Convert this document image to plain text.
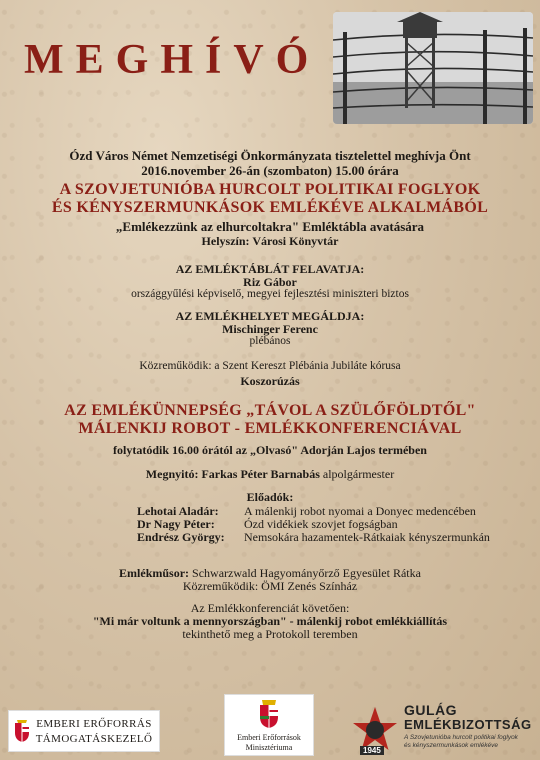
MEGHÍVÓ
Ózd Város Német Nemzetiségi Önkormányzata tisztelettel meghívja Önt
2016.november 26-án (szombaton) 15.00 órára
A SZOVJETUNIÓBA HURCOLT POLITIKAI FOGLYOK
ÉS KÉNYSZERMUNKÁSOK EMLÉKÉVE ALKALMÁBÓL
„Emlékezzünk az elhurcoltakra" Emléktábla avatására
Helyszín: Városi Könyvtár
AZ EMLÉKTÁBLÁT FELAVATJA:
Riz Gábor
országgyűlési képviselő, megyei fejlesztési miniszteri biztos
AZ EMLÉKHELYET MEGÁLDJA:
Mischinger Ferenc
plébános
Közreműködik: a Szent Kereszt Plébánia Jubiláte kórusa
Koszorúzás
AZ EMLÉKÜNNEPSÉG „TÁVOL A SZÜLŐFÖLDTŐL"
MÁLENKIJ ROBOT - EMLÉKKONFERENCIÁVAL
folytatódik 16.00 órától az „Olvasó" Adorján Lajos termében
Megnyitó: Farkas Péter Barnabás alpolgármester
Előadók:
Lehotai Aladár: A málenkij robot nyomai a Donyec medencében
Dr Nagy Péter: Ózd vidékiek szovjet fogságban
Endrész György: Nemsokára hazamentek-Rátkaiak kényszermunkán
Emlékműsor: Schwarzwald Hagyományőrző Egyesület Rátka
Közreműködik: ÖMI Zenés Színház
Az Emlékkonferenciát követően:
"Mi már voltunk a mennyországban" - málenkij robot emlékkiállítás
tekinthető meg a Protokoll teremben
EMBERI ERŐFORRÁS
TÁMOGATÁSKEZELŐ	Emberi Erőforrások
Minisztériuma	1945
GULÁG
EMLÉKBIZOTTSÁG
A Szovjetunióba hurcolt politikai foglyok
és kényszermunkások emlékéve
